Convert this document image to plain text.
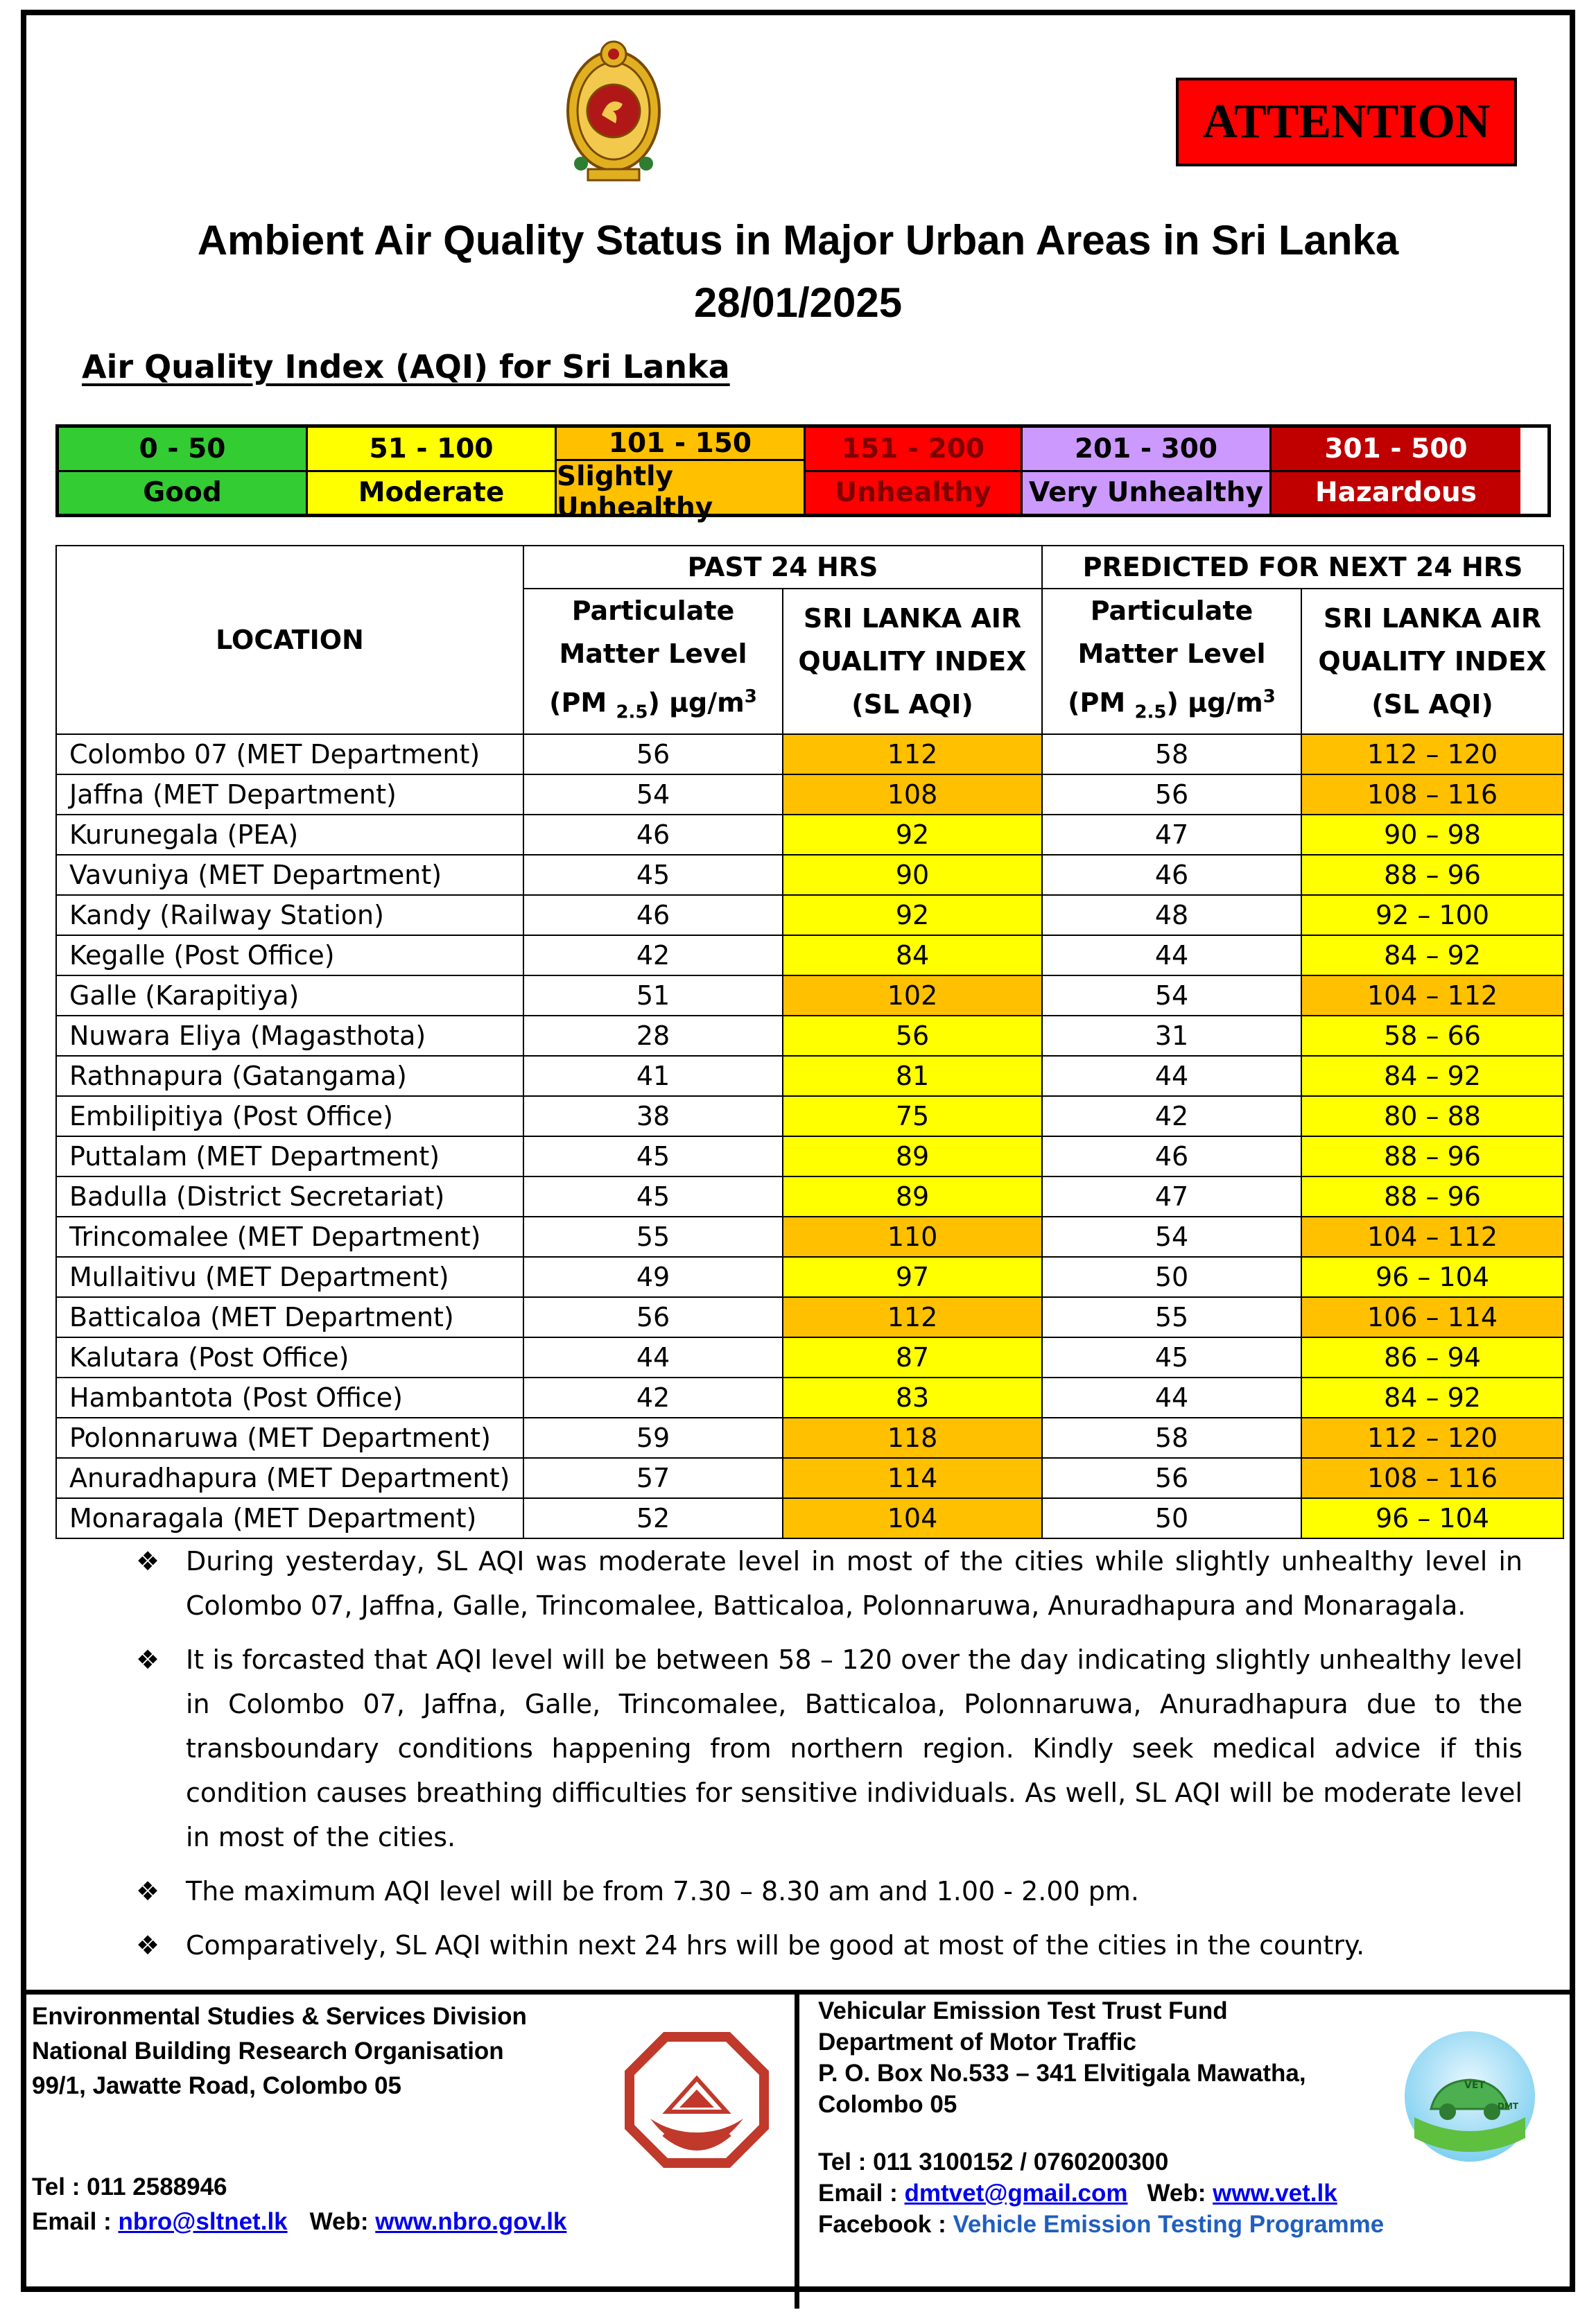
ATTENTION
Ambient Air Quality Status in Major Urban Areas in Sri Lanka
28/01/2025
Air Quality Index (AQI) for Sri Lanka
0 - 50
Good
51 - 100
Moderate
101 - 150
Slightly Unhealthy
151 - 200
Unhealthy
201 - 300
Very Unhealthy
301 - 500
Hazardous
LOCATION	PAST 24 HRS		PREDICTED FOR NEXT 24 HRS	
	Particulate
Matter Level
(PM $_{2.5}$) $\mu g/m^3$	SRI LANKA AIR
QUALITY INDEX
(SL AQI)	Particulate
Matter Level
(PM $_{2.5}$) $\mu g/m^3$	SRI LANKA AIR
QUALITY INDEX
(SL AQI)
Colombo 07 (MET Department)	56	112	58	112 – 120
Jaffna (MET Department)	54	108	56	108 – 116
Kurunegala (PEA)	46	92	47	90 – 98
Vavuniya (MET Department)	45	90	46	88 – 96
Kandy (Railway Station)	46	92	48	92 – 100
Kegalle (Post Office)	42	84	44	84 – 92
Galle (Karapitiya)	51	102	54	104 – 112
Nuwara Eliya (Magasthota)	28	56	31	58 – 66
Rathnapura (Gatangama)	41	81	44	84 – 92
Embilipitiya (Post Office)	38	75	42	80 – 88
Puttalam (MET Department)	45	89	46	88 – 96
Badulla (District Secretariat)	45	89	47	88 – 96
Trincomalee (MET Department)	55	110	54	104 – 112
Mullaitivu (MET Department)	49	97	50	96 – 104
Batticaloa (MET Department)	56	112	55	106 – 114
Kalutara (Post Office)	44	87	45	86 – 94
Hambantota (Post Office)	42	83	44	84 – 92
Polonnaruwa (MET Department)	59	118	58	112 – 120
Anuradhapura (MET Department)	57	114	56	108 – 116
Monaragala (MET Department)	52	104	50	96 – 104
❖ During yesterday, SL AQI was moderate level in most of the cities while slightly unhealthy level in Colombo 07, Jaffna, Galle, Trincomalee, Batticaloa, Polonnaruwa, Anuradhapura and Monaragala.
❖ It is forcasted that AQI level will be between 58 – 120 over the day indicating slightly unhealthy level in Colombo 07, Jaffna, Galle, Trincomalee, Batticaloa, Polonnaruwa, Anuradhapura due to the transboundary conditions happening from northern region. Kindly seek medical advice if this condition causes breathing difficulties for sensitive individuals. As well, SL AQI will be moderate level in most of the cities.
❖ The maximum AQI level will be from 7.30 – 8.30 am and 1.00 - 2.00 pm.
❖ Comparatively, SL AQI within next 24 hrs will be good at most of the cities in the country.
Environmental Studies & Services Division
National Building Research Organisation
99/1, Jawatte Road, Colombo 05
Tel : 011 2588946
Email : nbro@sltnet.lk Web: www.nbro.gov.lk
Vehicular Emission Test Trust Fund
Department of Motor Traffic
P. O. Box No.533 – 341 Elvitigala Mawatha,
Colombo 05
Tel : 011 3100152 / 0760200300
Email : dmtvet@gmail.com Web: www.vet.lk
Facebook : Vehicle Emission Testing Programme
VET
DMT
